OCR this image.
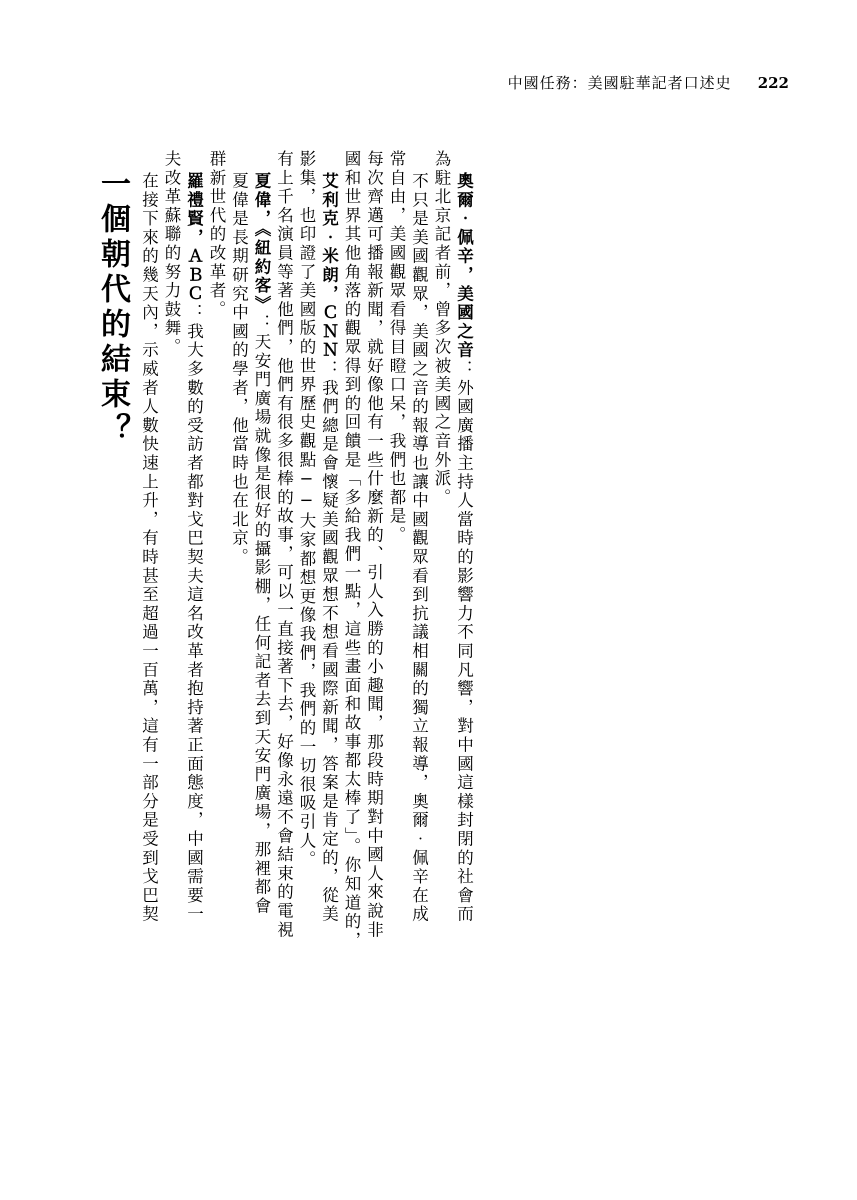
中國任務：美國駐華記者口述史 222
一個朝代的結束？ 在接下來的幾天內，示威者人數快速上升，有時甚至超過一百萬，這有一部分是受到戈巴契 夫改革蘇聯的努力鼓舞。 羅禮賢，ＡＢＣ：我大多數的受訪者都對戈巴契夫這名改革者抱持著正面態度，中國需要一
群新世代的改革者。 夏偉是長期研究中國的學者，他當時也在北京。 夏偉，《紐約客》：天安門廣場就像是很好的攝影棚，任何記者去到天安門廣場，那裡都會 有上千名演員等著他們，他們有很多很棒的故事，可以一直接著下去，好像永遠不會結束的電視 影集，也印證了美國版的世界歷史觀點──大家都想更像我們，我們的一切很吸引人。 艾利克‧米朗，ＣＮＮ：我們總是會懷疑美國觀眾想不想看國際新聞，答案是肯定的，從美 國和世界其他角落的觀眾得到的回饋是「多給我們一點，這些畫面和故事都太棒了」。你知道的， 每次齊邁可播報新聞，就好像他有一些什麼新的、引人入勝的小趣聞，那段時期對中國人來說非 常自由，美國觀眾看得目瞪口呆，我們也都是。 不只是美國觀眾，美國之音的報導也讓中國觀眾看到抗議相關的獨立報導，奧爾‧佩辛在成 為駐北京記者前，曾多次被美國之音外派。 奧爾‧佩辛，美國之音：外國廣播主持人當時的影響力不同凡響，對中國這樣封閉的社會而
